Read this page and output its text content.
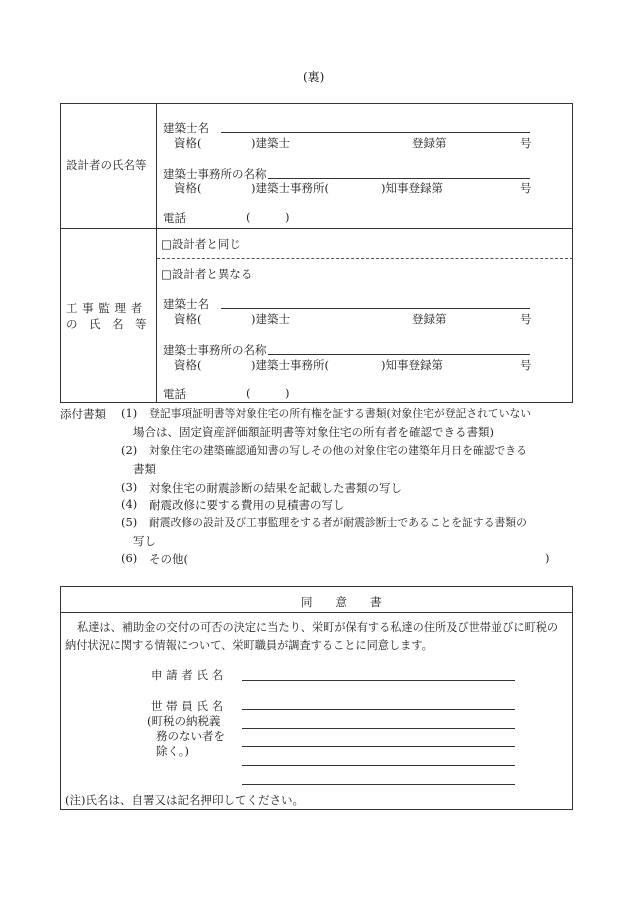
(裏)
設計者の氏名等
建築士名
資格(	)建築士	登録第	号
建築士事務所の名称
資格(	)建築士事務所(	)知事登録第	号
電話	(	)
工 事 監 理 者
の　氏　名　等
□設計者と同じ
□設計者と異なる
建築士名
資格(	)建築士	登録第	号
建築士事務所の名称
資格(	)建築士事務所(	)知事登録第	号
電話	(	)
添付書類 (1) 登記事項証明書等対象住宅の所有権を証する書類(対象住宅が登記されていない
場合は、固定資産評価額証明書等対象住宅の所有者を確認できる書類)
(2) 対象住宅の建築確認通知書の写しその他の対象住宅の建築年月日を確認できる
書類
(3) 対象住宅の耐震診断の結果を記載した書類の写し
(4) 耐震改修に要する費用の見積書の写し
(5) 耐震改修の設計及び工事監理をする者が耐震診断士であることを証する書類の
写し
(6) その他(	)
同　　意　　書
私達は、補助金の交付の可否の決定に当たり、栄町が保有する私達の住所及び世帯並びに町税の納付状況に関する情報について、栄町職員が調査することに同意します。
申 請 者 氏 名
世 帯 員 氏 名
(町税の納税義
務のない者を
除く。)
(注)氏名は、自署又は記名押印してください。
